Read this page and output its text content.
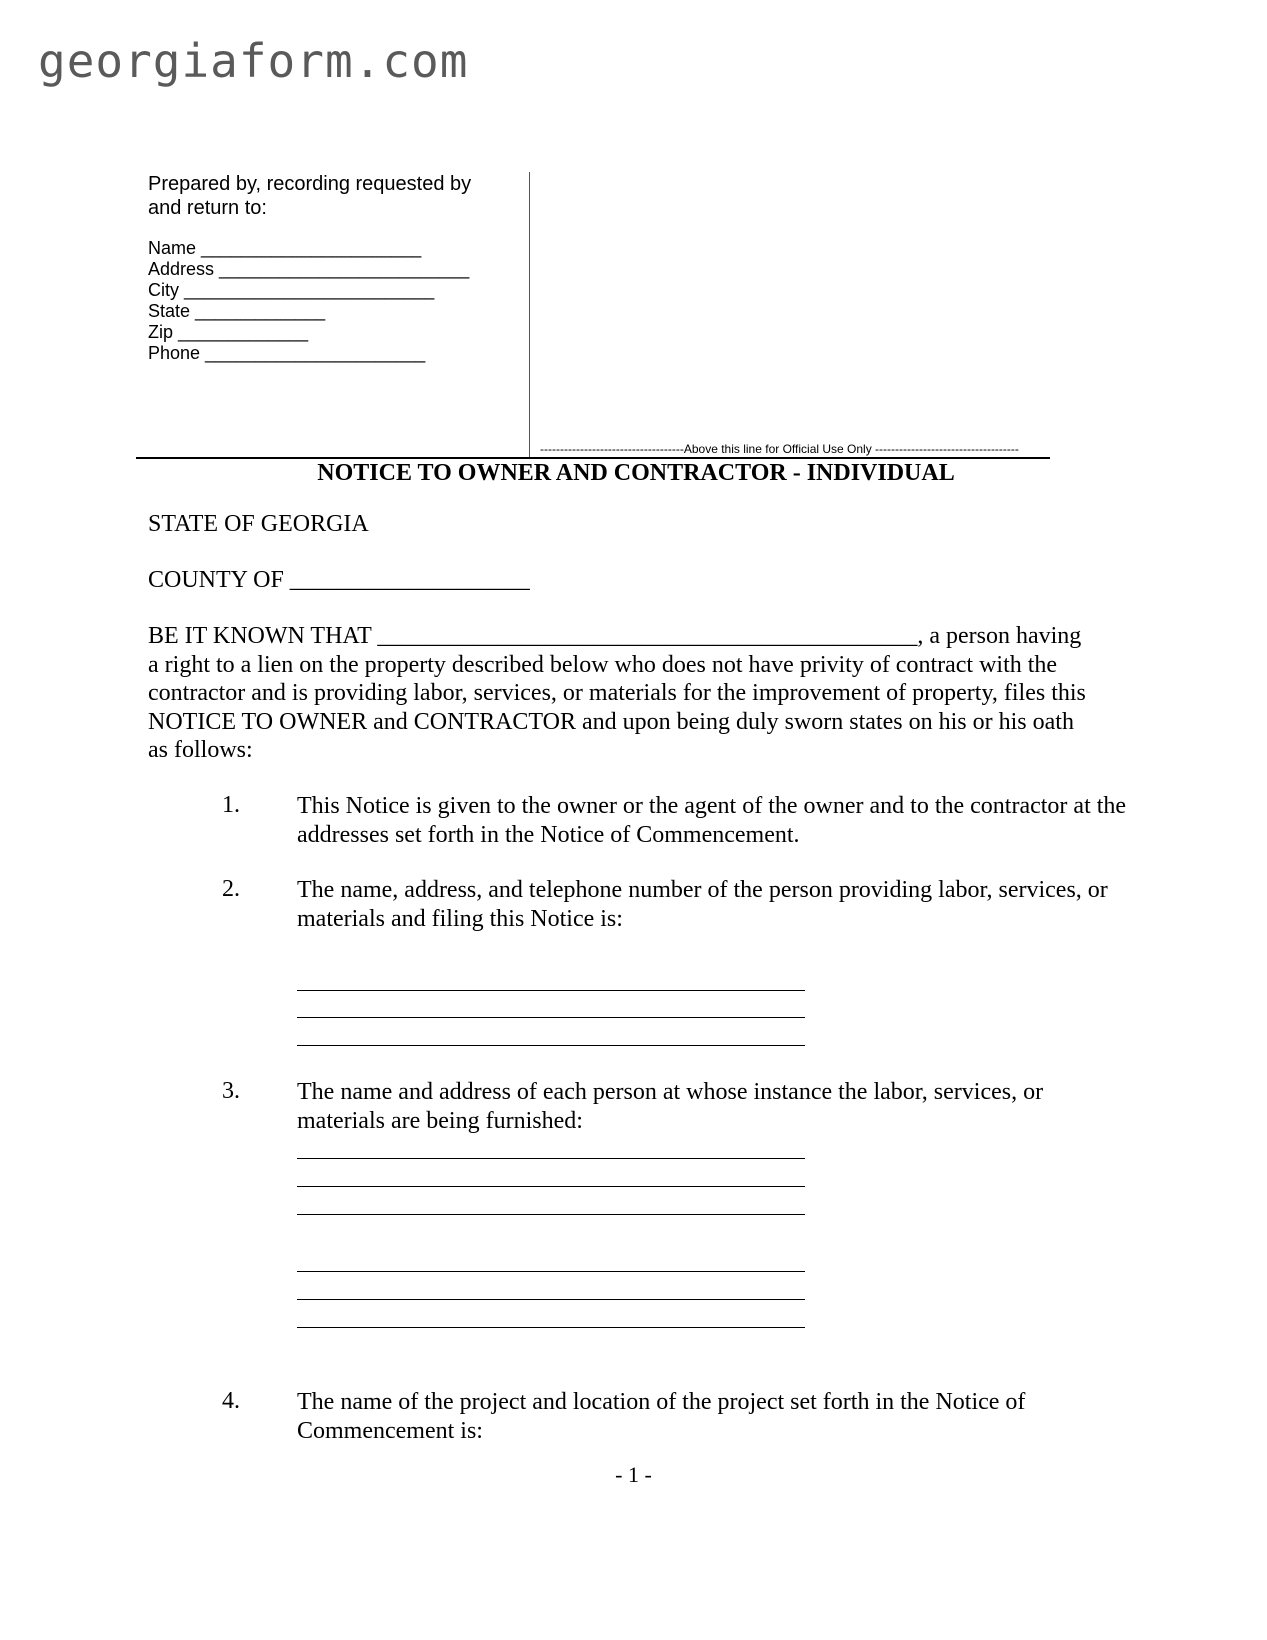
georgiaform.com
Prepared by, recording requested by and return to:
Name ______________________
Address _________________________
City _________________________
State _____________
Zip _____________
Phone ______________________
------------------------------------Above this line for Official Use Only ------------------------------------
NOTICE TO OWNER AND CONTRACTOR - INDIVIDUAL
STATE OF GEORGIA
COUNTY OF ____________________
BE IT KNOWN THAT _____________________________________________, a person having a right to a lien on the property described below who does not have privity of contract with the contractor and is providing labor, services, or materials for the improvement of property, files this NOTICE TO OWNER and CONTRACTOR and upon being duly sworn states on his or his oath as follows:
1. This Notice is given to the owner or the agent of the owner and to the contractor at the addresses set forth in the Notice of Commencement.
2. The name, address, and telephone number of the person providing labor, services, or materials and filing this Notice is:
3. The name and address of each person at whose instance the labor, services, or materials are being furnished:
4. The name of the project and location of the project set forth in the Notice of Commencement is:
- 1 -
